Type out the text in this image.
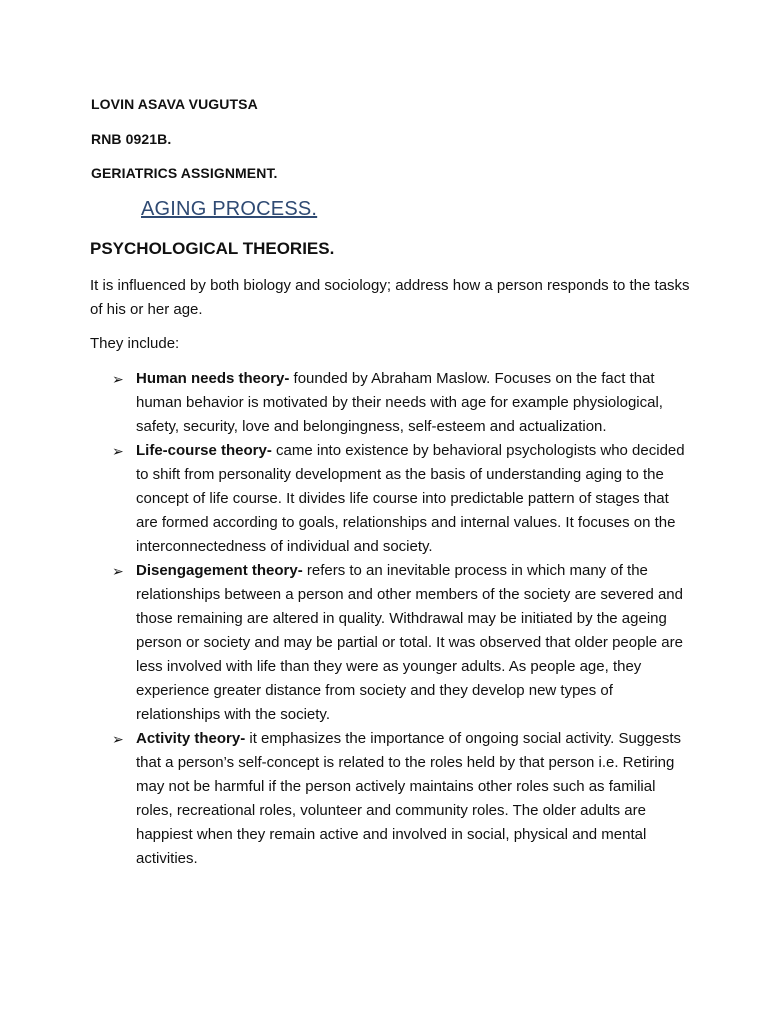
LOVIN ASAVA VUGUTSA
RNB 0921B.
GERIATRICS ASSIGNMENT.
AGING PROCESS.
PSYCHOLOGICAL THEORIES.
It is influenced by both biology and sociology; address how a person responds to the tasks of his or her age.
They include:
➢ Human needs theory- founded by Abraham Maslow. Focuses on the fact that human behavior is motivated by their needs with age for example physiological, safety, security, love and belongingness, self-esteem and actualization.
➢ Life-course theory- came into existence by behavioral psychologists who decided to shift from personality development as the basis of understanding aging to the concept of life course. It divides life course into predictable pattern of stages that are formed according to goals, relationships and internal values. It focuses on the interconnectedness of individual and society.
➢ Disengagement theory- refers to an inevitable process in which many of the relationships between a person and other members of the society are severed and those remaining are altered in quality. Withdrawal may be initiated by the ageing person or society and may be partial or total. It was observed that older people are less involved with life than they were as younger adults. As people age, they experience greater distance from society and they develop new types of relationships with the society.
➢ Activity theory- it emphasizes the importance of ongoing social activity. Suggests that a person’s self-concept is related to the roles held by that person i.e. Retiring may not be harmful if the person actively maintains other roles such as familial roles, recreational roles, volunteer and community roles. The older adults are happiest when they remain active and involved in social, physical and mental activities.
